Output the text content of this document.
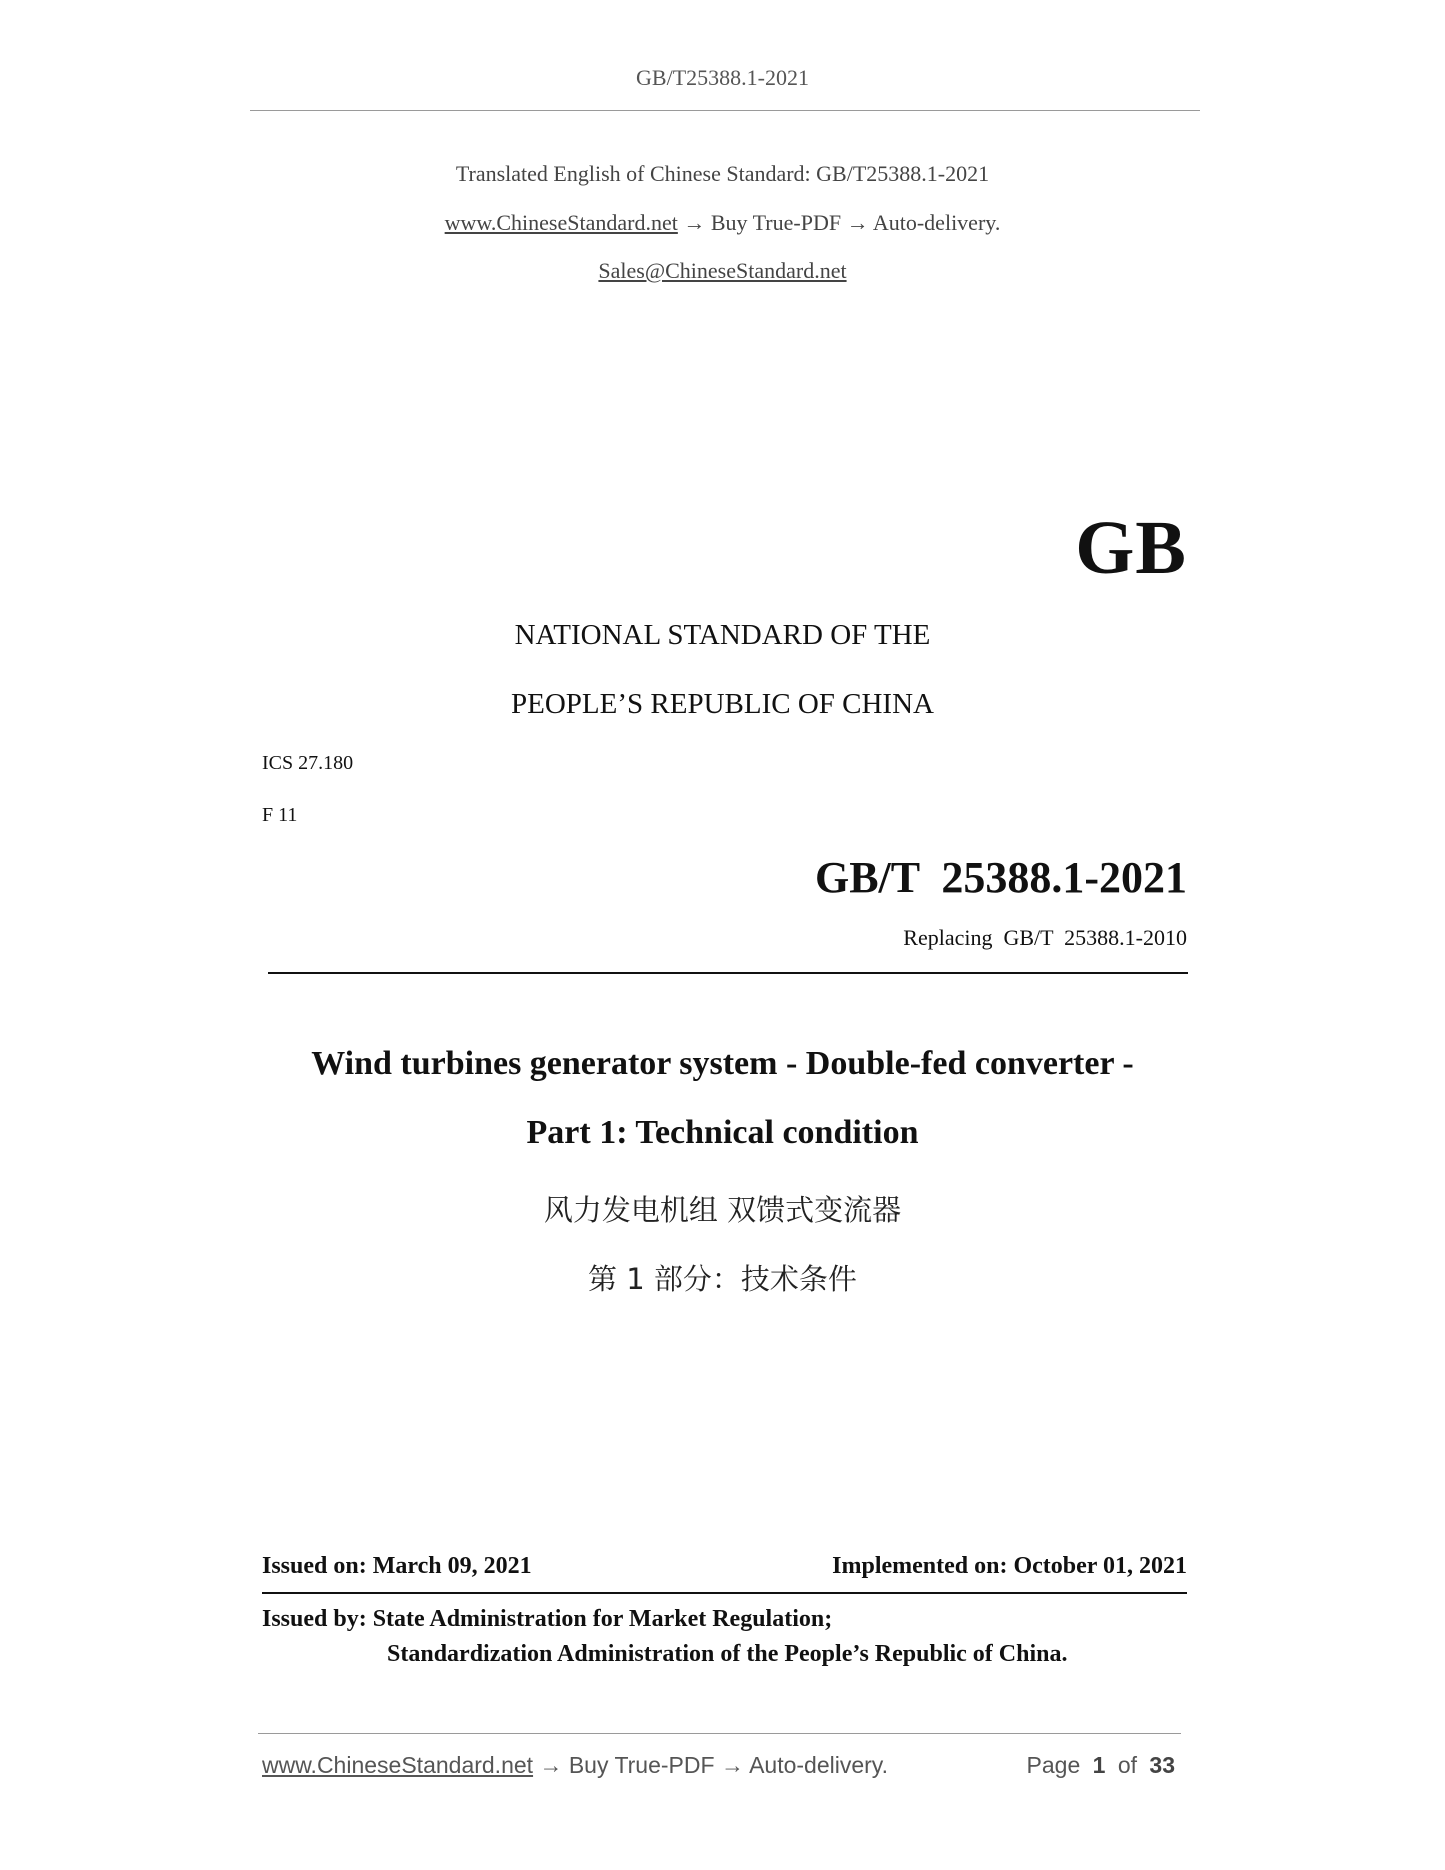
GB/T25388.1-2021
Translated English of Chinese Standard: GB/T25388.1-2021
www.ChineseStandard.net → Buy True-PDF → Auto-delivery.
Sales@ChineseStandard.net
GB
NATIONAL STANDARD OF THE
PEOPLE’S REPUBLIC OF CHINA
ICS 27.180
F 11
GB/T  25388.1-2021
Replacing  GB/T  25388.1-2010
Wind turbines generator system - Double-fed converter -
Part 1: Technical condition
风力发电机组 双馈式变流器
第 1 部分：技术条件
Issued on: March 09, 2021	Implemented on: October 01, 2021
Issued by: State Administration for Market Regulation;
Standardization Administration of the People’s Republic of China.
www.ChineseStandard.net → Buy True-PDF → Auto-delivery.	Page 1 of 33
